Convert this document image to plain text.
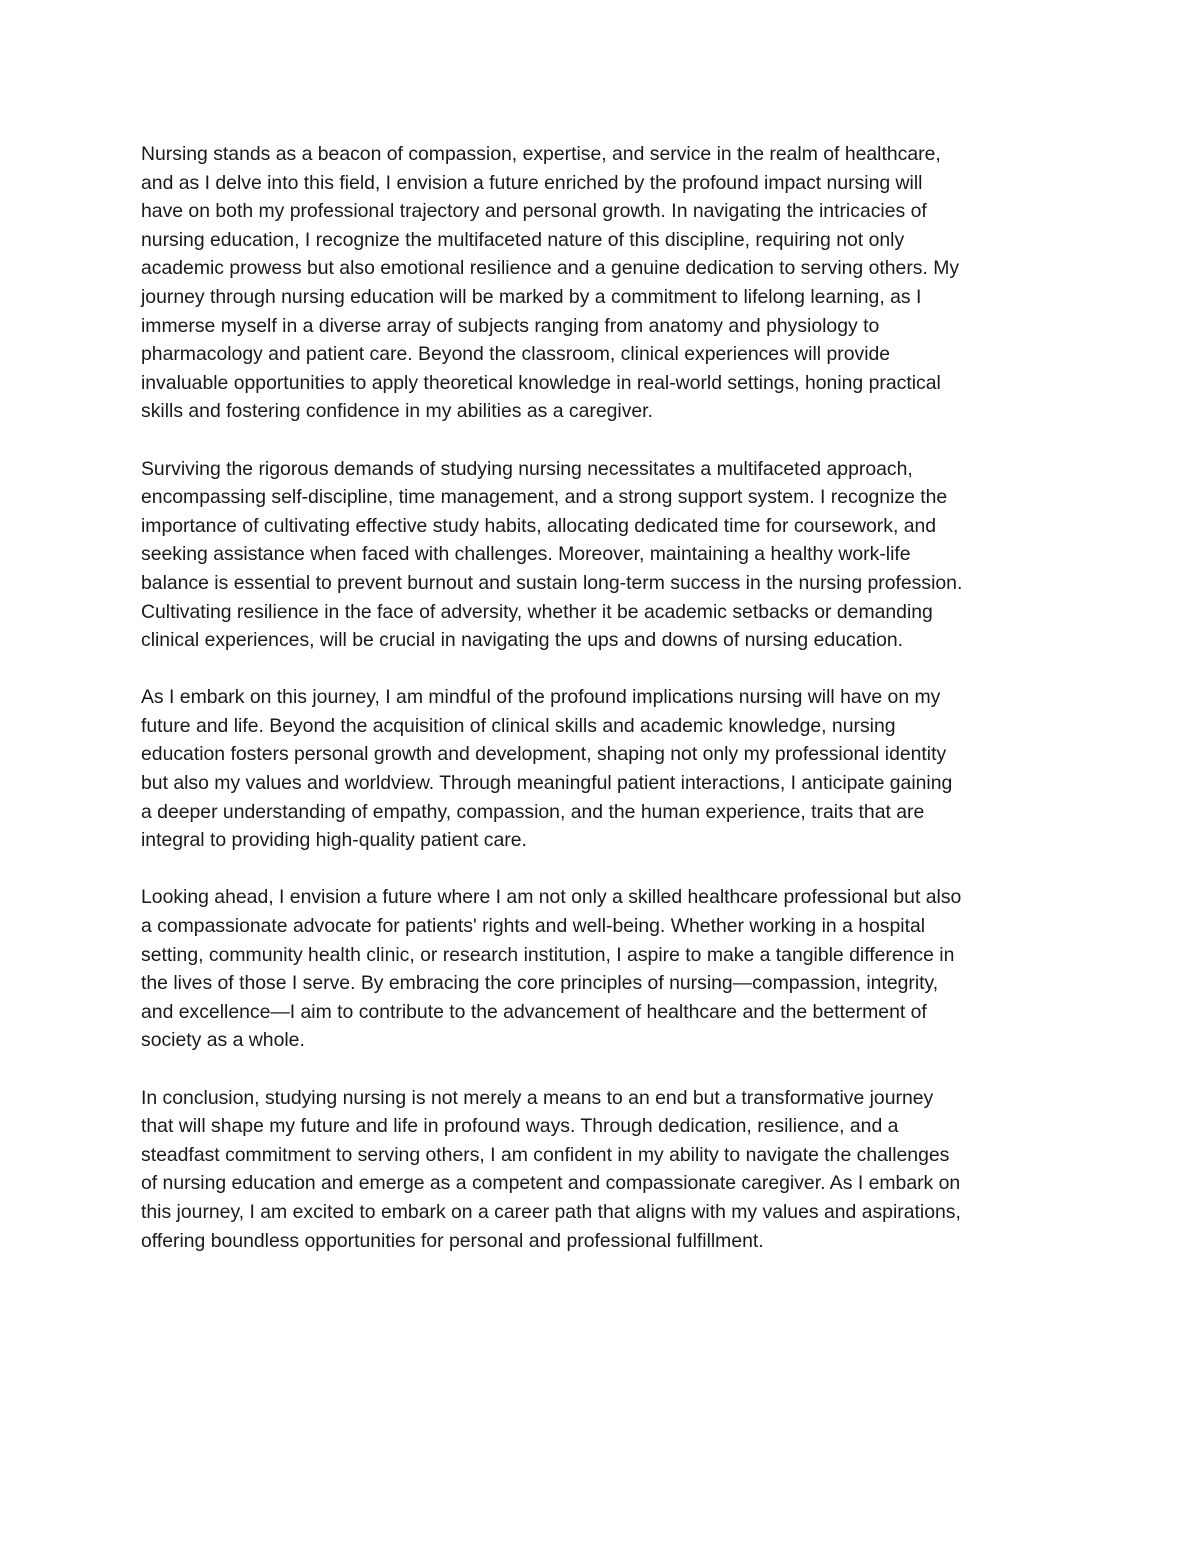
Nursing stands as a beacon of compassion, expertise, and service in the realm of healthcare,
and as I delve into this field, I envision a future enriched by the profound impact nursing will
have on both my professional trajectory and personal growth. In navigating the intricacies of
nursing education, I recognize the multifaceted nature of this discipline, requiring not only
academic prowess but also emotional resilience and a genuine dedication to serving others. My
journey through nursing education will be marked by a commitment to lifelong learning, as I
immerse myself in a diverse array of subjects ranging from anatomy and physiology to
pharmacology and patient care. Beyond the classroom, clinical experiences will provide
invaluable opportunities to apply theoretical knowledge in real-world settings, honing practical
skills and fostering confidence in my abilities as a caregiver.

Surviving the rigorous demands of studying nursing necessitates a multifaceted approach,
encompassing self-discipline, time management, and a strong support system. I recognize the
importance of cultivating effective study habits, allocating dedicated time for coursework, and
seeking assistance when faced with challenges. Moreover, maintaining a healthy work-life
balance is essential to prevent burnout and sustain long-term success in the nursing profession.
Cultivating resilience in the face of adversity, whether it be academic setbacks or demanding
clinical experiences, will be crucial in navigating the ups and downs of nursing education.

As I embark on this journey, I am mindful of the profound implications nursing will have on my
future and life. Beyond the acquisition of clinical skills and academic knowledge, nursing
education fosters personal growth and development, shaping not only my professional identity
but also my values and worldview. Through meaningful patient interactions, I anticipate gaining
a deeper understanding of empathy, compassion, and the human experience, traits that are
integral to providing high-quality patient care.

Looking ahead, I envision a future where I am not only a skilled healthcare professional but also
a compassionate advocate for patients' rights and well-being. Whether working in a hospital
setting, community health clinic, or research institution, I aspire to make a tangible difference in
the lives of those I serve. By embracing the core principles of nursing—compassion, integrity,
and excellence—I aim to contribute to the advancement of healthcare and the betterment of
society as a whole.

In conclusion, studying nursing is not merely a means to an end but a transformative journey
that will shape my future and life in profound ways. Through dedication, resilience, and a
steadfast commitment to serving others, I am confident in my ability to navigate the challenges
of nursing education and emerge as a competent and compassionate caregiver. As I embark on
this journey, I am excited to embark on a career path that aligns with my values and aspirations,
offering boundless opportunities for personal and professional fulfillment.
